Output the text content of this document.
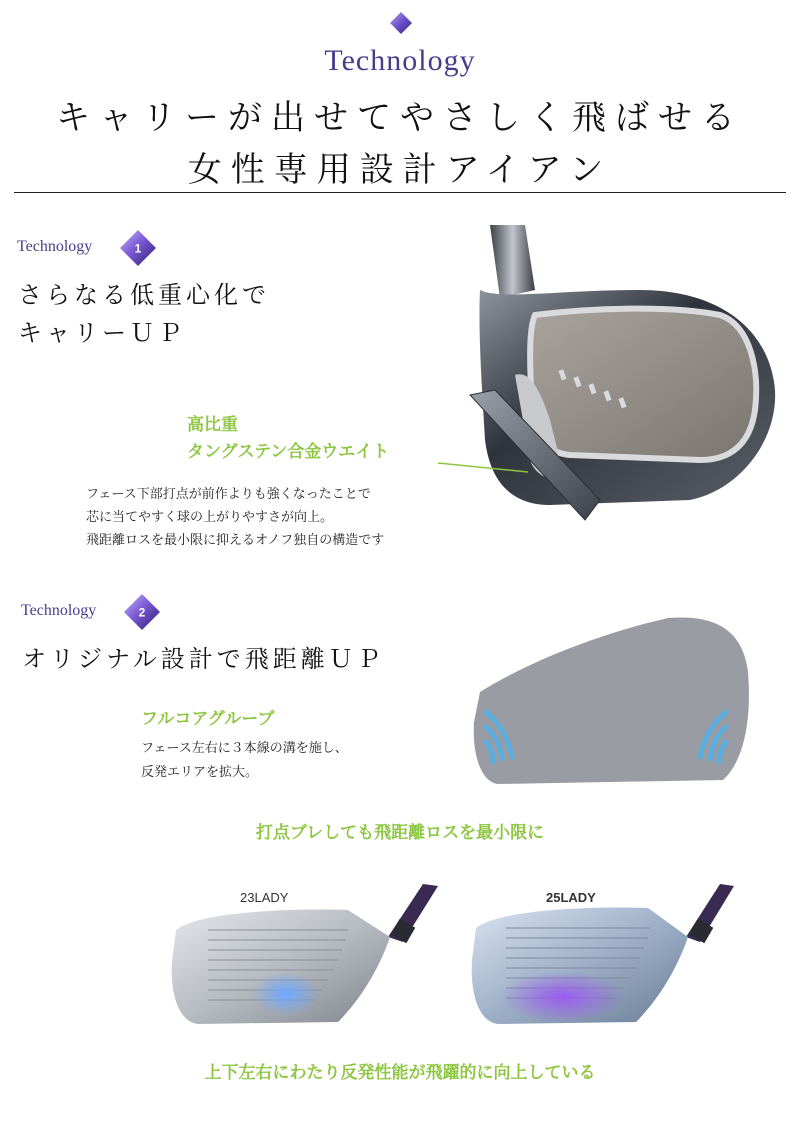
Technology
キャリーが出せてやさしく飛ばせる
女性専用設計アイアン
Technology	1
さらなる低重心化で
キャリーＵＰ
高比重
タングステン合金ウエイト
フェース下部打点が前作よりも強くなったことで
芯に当てやすく球の上がりやすさが向上。
飛距離ロスを最小限に抑えるオノフ独自の構造です
Technology	2
オリジナル設計で飛距離ＵＰ
フルコアグルーブ
フェース左右に３本線の溝を施し、
反発エリアを拡大。
打点ブレしても飛距離ロスを最小限に
23LADY	25LADY
上下左右にわたり反発性能が飛躍的に向上している
